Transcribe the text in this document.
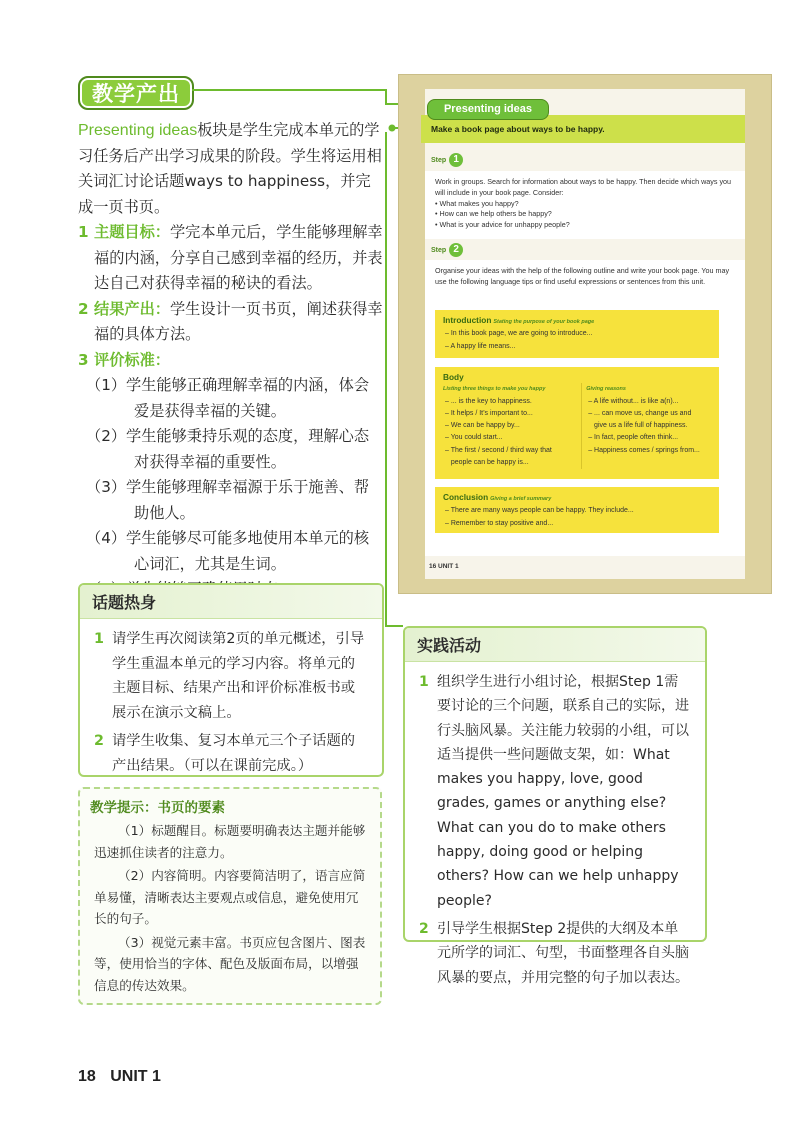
教学产出

Presenting ideas板块是学生完成本单元的学习任务后产出学习成果的阶段。学生将运用相关词汇讨论话题ways to happiness，并完成一页书页。

1 主题目标：学完本单元后，学生能够理解幸福的内涵，分享自己感到幸福的经历，并表达自己对获得幸福的秘诀的看法。
2 结果产出：学生设计一页书页，阐述获得幸福的具体方法。
3 评价标准：

（1）学生能够正确理解幸福的内涵，体会爱是获得幸福的关键。

（2）学生能够秉持乐观的态度，理解心态对获得幸福的重要性。

（3）学生能够理解幸福源于乐于施善、帮助他人。

（4）学生能够尽可能多地使用本单元的核心词汇，尤其是生词。

话题热身
1 请学生再次阅读第2页的单元概述，引导学生重温本单元的学习内容。将单元的主题目标、结果产出和评价标准板书或展示在演示文稿上。
2 请学生收集、复习本单元三个子话题的产出结果。（可以在课前完成。）
教学提示：书页的要素

（1）标题醒目。标题要明确表达主题并能够迅速抓住读者的注意力。

（2）内容简明。内容要简洁明了，语言应简单易懂，清晰表达主要观点或信息，避免使用冗长的句子。

（3）视觉元素丰富。书页应包含图片、图表等，使用恰当的字体、配色及版面布局，以增强信息的传达效果。

实践活动
1 组织学生进行小组讨论，根据Step 1需要讨论的三个问题，联系自己的实际，进行头脑风暴。关注能力较弱的小组，可以适当提供一些问题做支架，如：What makes you happy, love, good grades, games or anything else? What can you do to make others happy, doing good or helping others? How can we help unhappy people?
2 引导学生根据Step 2提供的大纲及本单元所学的词汇、句型，书面整理各自头脑风暴的要点，并用完整的句子加以表达。
Make a book page about ways to be happy.
Presenting ideas
Step 1

Work in groups. Search for information about ways to be happy. Then decide which ways you will include in your book page. Consider:

• What makes you happy?

• How can we help others be happy?

• What is your advice for unhappy people?

Step 2

Organise your ideas with the help of the following outline and write your book page. You may use the following language tips or find useful expressions or sentences from this unit.

Introduction Stating the purpose of your book page
– In this book page, we are going to introduce...
– A happy life means...
Body
Listing three things to make you happy
– ... is the key to happiness.
– It helps / It’s important to...
– We can be happy by...
– You could start...
– The first / second / third way that
people can be happy is...
Giving reasons
– A life without... is like a(n)...
– ... can move us, change us and
give us a life full of happiness.
– In fact, people often think...
– Happiness comes / springs from...
Conclusion Giving a brief summary
– There are many ways people can be happy. They include...
– Remember to stay positive and...
16 UNIT 1
18 UNIT 1
